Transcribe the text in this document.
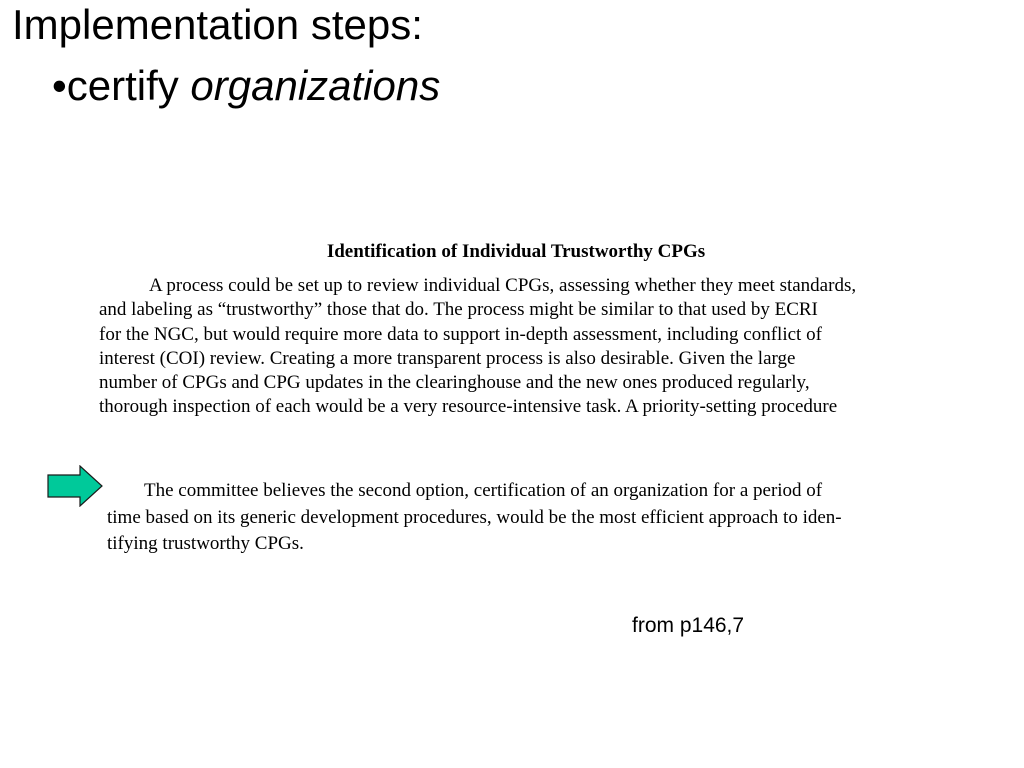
Implementation steps:
•certify organizations
Identification of Individual Trustworthy CPGs
A process could be set up to review individual CPGs, assessing whether they meet standards,
and labeling as “trustworthy” those that do. The process might be similar to that used by ECRI
for the NGC, but would require more data to support in-depth assessment, including conflict of
interest (COI) review. Creating a more transparent process is also desirable. Given the large
number of CPGs and CPG updates in the clearinghouse and the new ones produced regularly,
thorough inspection of each would be a very resource-intensive task. A priority-setting procedure
The committee believes the second option, certification of an organization for a period of
time based on its generic development procedures, would be the most efficient approach to iden-
tifying trustworthy CPGs.
from p146,7
